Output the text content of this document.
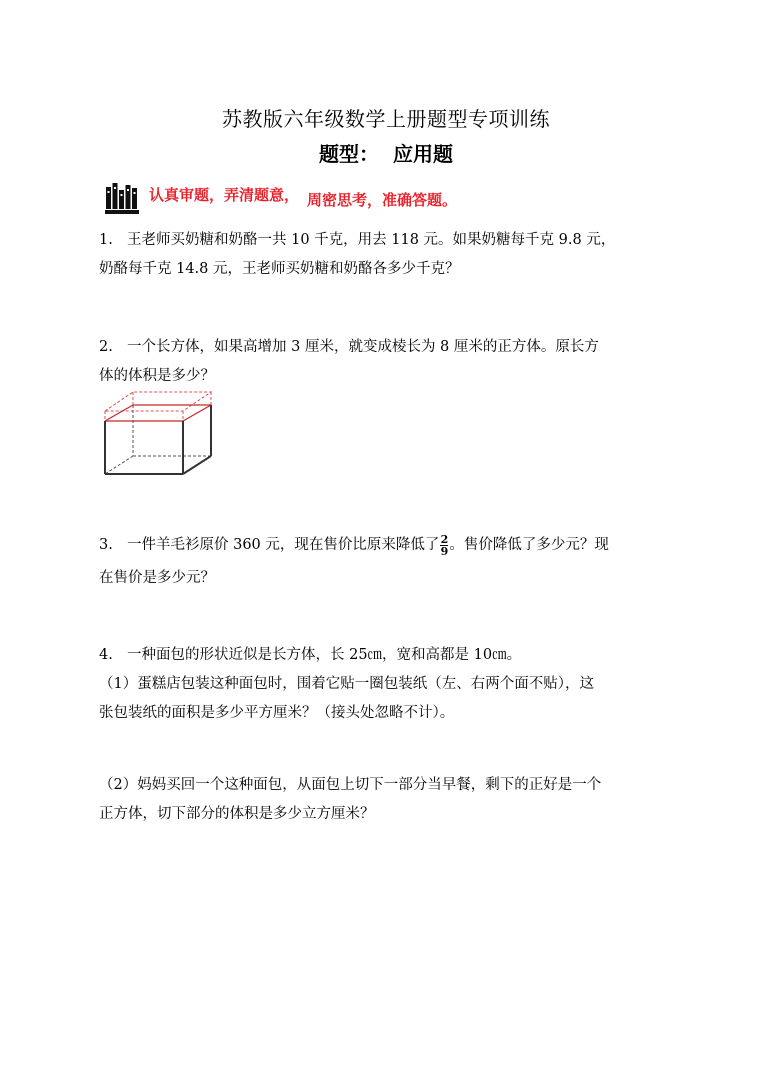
苏教版六年级数学上册题型专项训练
题型： 应用题
认真审题，弄清题意， 周密思考，准确答题。
1. 王老师买奶糖和奶酪一共 10 千克，用去 118 元。如果奶糖每千克 9.8 元，
奶酪每千克 14.8 元，王老师买奶糖和奶酪各多少千克？
2. 一个长方体，如果高增加 3 厘米，就变成棱长为 8 厘米的正方体。原长方
体的体积是多少？
3. 一件羊毛衫原价 360 元，现在售价比原来降低了 $\frac{2}{9}$ 。售价降低了多少元？现
在售价是多少元？
4. 一种面包的形状近似是长方体，长 25㎝，宽和高都是 10㎝。
（1）蛋糕店包装这种面包时，围着它贴一圈包装纸（左、右两个面不贴），这
张包装纸的面积是多少平方厘米？（接头处忽略不计）。
（2）妈妈买回一个这种面包，从面包上切下一部分当早餐，剩下的正好是一个
正方体，切下部分的体积是多少立方厘米？
